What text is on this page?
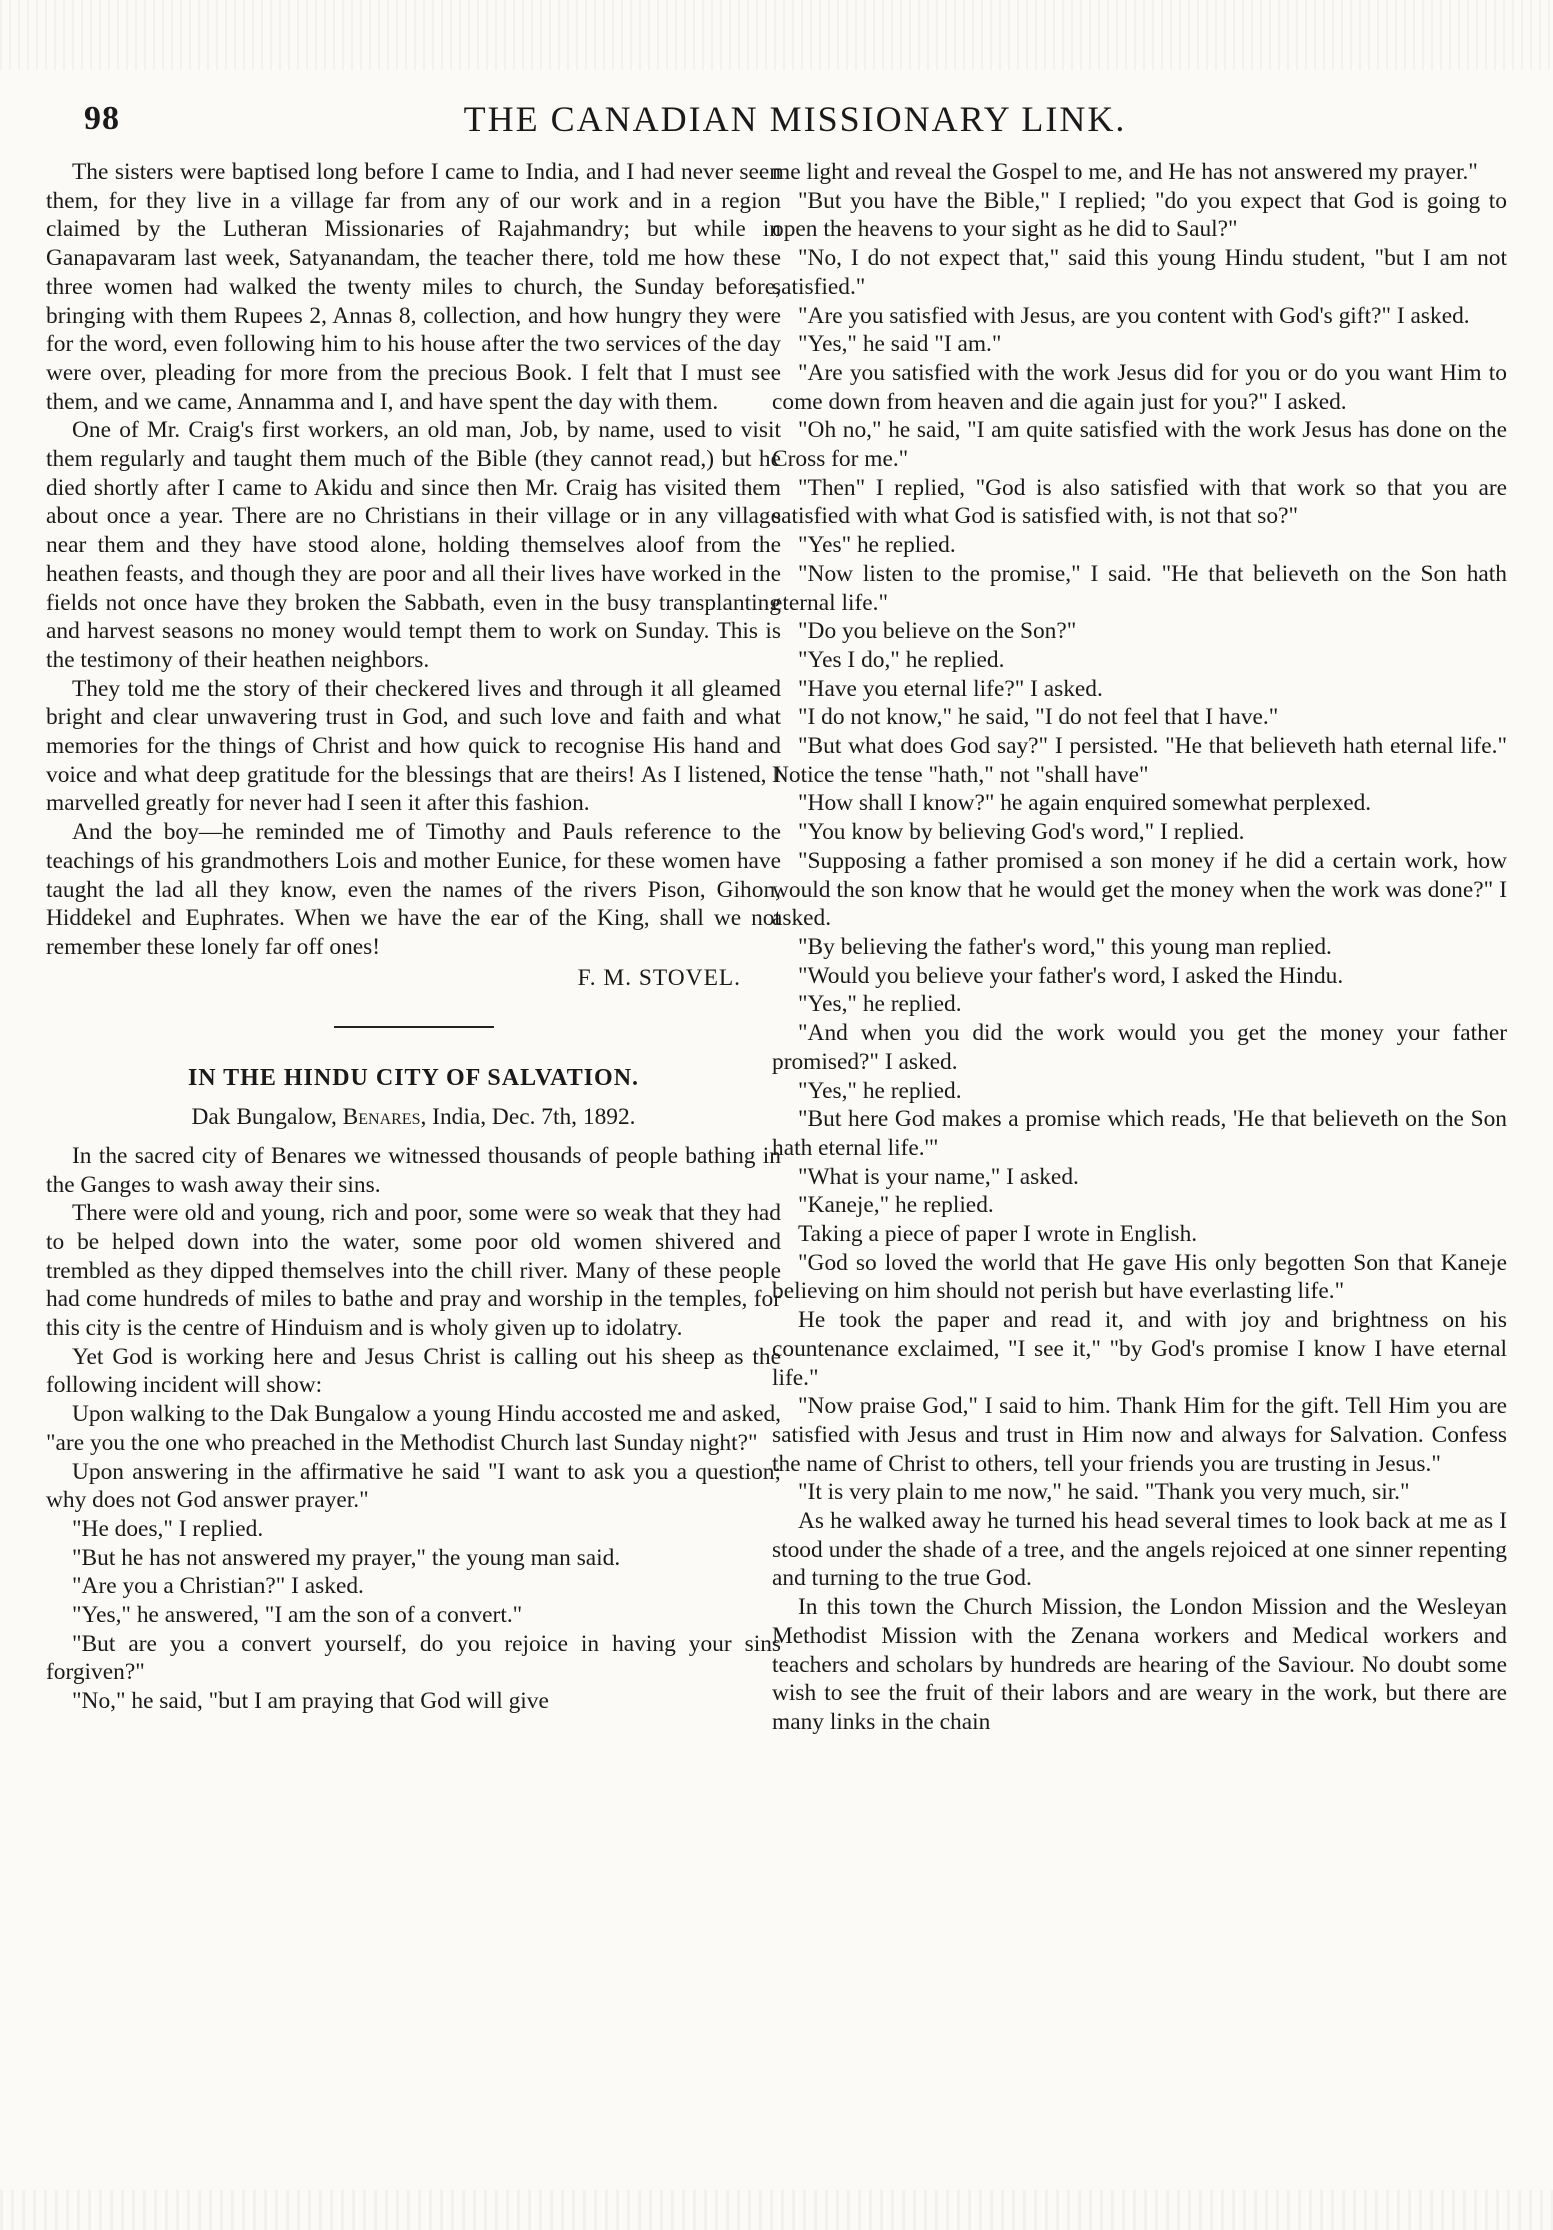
98	THE CANADIAN MISSIONARY LINK.

The sisters were baptised long before I came to India, and I had never seen them, for they live in a village far from any of our work and in a region claimed by the Lutheran Missionaries of Rajahmandry; but while in Ganapavaram last week, Satyanandam, the teacher there, told me how these three women had walked the twenty miles to church, the Sunday before, bringing with them Rupees 2, Annas 8, collection, and how hungry they were for the word, even following him to his house after the two services of the day were over, pleading for more from the precious Book. I felt that I must see them, and we came, Annamma and I, and have spent the day with them.

One of Mr. Craig's first workers, an old man, Job, by name, used to visit them regularly and taught them much of the Bible (they cannot read,) but he died shortly after I came to Akidu and since then Mr. Craig has visited them about once a year. There are no Christians in their village or in any village near them and they have stood alone, holding themselves aloof from the heathen feasts, and though they are poor and all their lives have worked in the fields not once have they broken the Sabbath, even in the busy transplanting and harvest seasons no money would tempt them to work on Sunday. This is the testimony of their heathen neighbors.

They told me the story of their checkered lives and through it all gleamed bright and clear unwavering trust in God, and such love and faith and what memories for the things of Christ and how quick to recognise His hand and voice and what deep gratitude for the blessings that are theirs! As I listened, I marvelled greatly for never had I seen it after this fashion.

And the boy—he reminded me of Timothy and Pauls reference to the teachings of his grandmothers Lois and mother Eunice, for these women have taught the lad all they know, even the names of the rivers Pison, Gihon, Hiddekel and Euphrates. When we have the ear of the King, shall we not remember these lonely far off ones!

F. M. STOVEL.
IN THE HINDU CITY OF SALVATION.
Dak Bungalow, Benares, India, Dec. 7th, 1892.

In the sacred city of Benares we witnessed thousands of people bathing in the Ganges to wash away their sins.

There were old and young, rich and poor, some were so weak that they had to be helped down into the water, some poor old women shivered and trembled as they dipped themselves into the chill river. Many of these people had come hundreds of miles to bathe and pray and worship in the temples, for this city is the centre of Hinduism and is wholy given up to idolatry.

Yet God is working here and Jesus Christ is calling out his sheep as the following incident will show:

Upon walking to the Dak Bungalow a young Hindu accosted me and asked, "are you the one who preached in the Methodist Church last Sunday night?"

Upon answering in the affirmative he said "I want to ask you a question; why does not God answer prayer."

"He does," I replied.

"But he has not answered my prayer," the young man said.

"Are you a Christian?" I asked.

"Yes," he answered, "I am the son of a convert."

"But are you a convert yourself, do you rejoice in having your sins forgiven?"

"No," he said, "but I am praying that God will give

me light and reveal the Gospel to me, and He has not answered my prayer."

"But you have the Bible," I replied; "do you expect that God is going to open the heavens to your sight as he did to Saul?"

"No, I do not expect that," said this young Hindu student, "but I am not satisfied."

"Are you satisfied with Jesus, are you content with God's gift?" I asked.

"Yes," he said "I am."

"Are you satisfied with the work Jesus did for you or do you want Him to come down from heaven and die again just for you?" I asked.

"Oh no," he said, "I am quite satisfied with the work Jesus has done on the Cross for me."

"Then" I replied, "God is also satisfied with that work so that you are satisfied with what God is satisfied with, is not that so?"

"Yes" he replied.

"Now listen to the promise," I said. "He that believeth on the Son hath eternal life."

"Do you believe on the Son?"

"Yes I do," he replied.

"Have you eternal life?" I asked.

"I do not know," he said, "I do not feel that I have."

"But what does God say?" I persisted. "He that believeth hath eternal life." Notice the tense "hath," not "shall have"

"How shall I know?" he again enquired somewhat perplexed.

"You know by believing God's word," I replied.

"Supposing a father promised a son money if he did a certain work, how would the son know that he would get the money when the work was done?" I asked.

"By believing the father's word," this young man replied.

"Would you believe your father's word, I asked the Hindu.

"Yes," he replied.

"And when you did the work would you get the money your father promised?" I asked.

"Yes," he replied.

"But here God makes a promise which reads, 'He that believeth on the Son hath eternal life.'"

"What is your name," I asked.

"Kaneje," he replied.

Taking a piece of paper I wrote in English.

"God so loved the world that He gave His only begotten Son that Kaneje believing on him should not perish but have everlasting life."

He took the paper and read it, and with joy and brightness on his countenance exclaimed, "I see it," "by God's promise I know I have eternal life."

"Now praise God," I said to him. Thank Him for the gift. Tell Him you are satisfied with Jesus and trust in Him now and always for Salvation. Confess the name of Christ to others, tell your friends you are trusting in Jesus."

"It is very plain to me now," he said. "Thank you very much, sir."

As he walked away he turned his head several times to look back at me as I stood under the shade of a tree, and the angels rejoiced at one sinner repenting and turning to the true God.

In this town the Church Mission, the London Mission and the Wesleyan Methodist Mission with the Zenana workers and Medical workers and teachers and scholars by hundreds are hearing of the Saviour. No doubt some wish to see the fruit of their labors and are weary in the work, but there are many links in the chain
